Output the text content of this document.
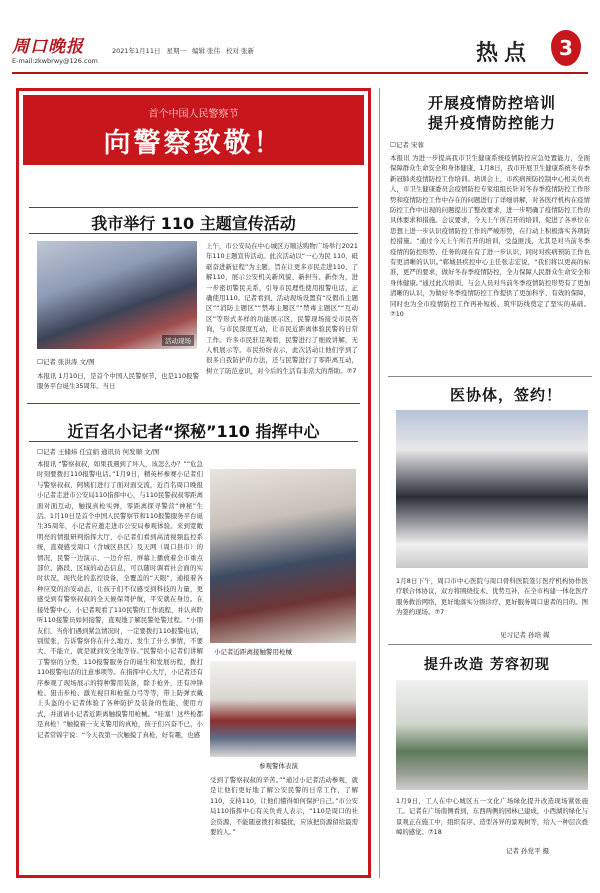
周口晚报	2021年1月11日 星期一 编辑 张伟 校对 张新
E-mail:zkwbrwy@126.com	热点	3
首个中国人民警察节
向警察致敬！
我市举行 110 主题宣传活动
活动现场
☐记者 张洪涛 文/图
本报讯 1月10日，是首个中国人民警察节，也是110报警服务平台诞生35周年。当日
上午，市公安局在中心城区万顺达购物广场举行2021年110主题宣传活动。此次活动以“一心为民 110、砥砺奋进新征程”为主题，旨在让更多市民走进110、了解110，展示公安机关新风貌、新担当、新作为，进一步密切警民关系，引导市民理性使用报警电话，正确使用110。记者看到，活动现场设置有“反假币主题区”“消防主题区”“禁毒主题区”“禁毒主题区”“互动区”等形式多样的功能展示区，民警现场接受市民咨询，与市民深度互动，让市民近距离体验民警的日常工作。许多市民驻足观看，民警进行了细致讲解，无人机展示等。市民纷纷表示，此次活动让他们学到了很多自我防护的方法，还与民警进行了零距离互动，树立了防范意识，对今后的生活有非常大的帮助。⑦7
近百名小记者“探秘”110 指挥中心
☐记者 王储炜 任宜娟 通讯员 何发顺 文/图
本报讯 “警察叔叔，如果我遇到了坏人，该怎么办？”“危急时刻要拨打110报警电话。”1月9日，精英杯参赛小记者们与警察叔叔、阿姨们进行了面对面交流，近百名周口晚报小记者走进市公安局110指挥中心，与110民警叔叔零距离面对面互动，触摸真枪实弹，零距离探寻警营“神秘”生活。1月10日是首个中国人民警察节和110报警服务平台诞生35周年，小记者应邀走进市公安局参观体验。来到宽敞明亮的情报研判指挥大厅，小记者们看到高清视频监控系统，直观感受周口（含城区县区）及天网（周口县市）的情况，民警一边演示、一边介绍，屏幕上播放着全市重点部位、路段、区域的动态信息，可以随时调看社会面的实时状况，现代化的监控设备，全覆盖的“天眼”，通报着各种应变的治安动态，让孩子们不仅感受到科技的力量，更感受到有警察叔叔的全天候保驾护航，平安就在身边。在接处警中心，小记者观看了110民警的工作流程，并认真聆听110接警员如何接警，直观地了解民警处警过程。“小朋友们，当你们遇到紧急情况时，一定要拨打110报警电话，别慌张，告诉警察你在什么地方、发生了什么事情，不要大、不能立，就是就到安全地等待。”民警给小记者们讲解了警察的分类，110报警服务台的诞生和发展历程，拨打110报警电话的注意事项等。在指挥中心大厅，小记者还有序参观了现场展示的特种警用装备，除手枪外，还有冲锋枪、狙击步枪、激光视目和枪强力弓等等，带上防弹衣戴上头盔的小记者体验了各种防护及装备的性能、使用方式，并道请小记者近距离触摸警用枪械。“哇塞！这些枪都是真枪！”触摸着一支支警用的真枪，孩子们兴奋不已，小记者常锦宇说：“今天我第一次触摸了真枪，好有趣，也感
小记者近距离接触警用枪械
参观警体表演
受到了警察叔叔的辛苦。”“通过小记者活动参观，就是让他们更好地了解公安民警的日常工作，了解110、支持110，让他们懂得如何保护自己。”市公安局110指挥中心有关负责人表示，“110是周口的社会资源，不能随意拨打和骚扰，应该把资源留给最需要的人。”
开展疫情防控培训
提升疫情防控能力
☐记者 宋蓉
本报讯 为进一步提高我市卫生健康系统疫情防控应急处置能力，全面保障群众生命安全和身体健康，1月8日，我市开展卫生健康系统冬春季新冠肺炎疫情防控工作培训。培训会上，市疾病预防控制中心相关负责人，市卫生健康委员会疫情防控专家组组长针对冬春季疫情防控工作形势和疫情防控工作中存在的问题进行了详细讲解，对各医疗机构在疫情防控工作中出现的问题提出了整改要求，进一步明确了疫情防控工作的具体要求和措施。会议要求，今天上午所召开的培训，促进了各单位在思想上进一步认识疫情防控工作的严峻形势，在行动上积极落实各项防控措施。“通过今天上午所召开的培训，受益匪浅，尤其是对当前冬季疫情的防控形势、任务的现在有了进一步认识，同时对疾病预防工作也有更清晰的认识。”郸城县疾控中心主任张志宏说，“我们将以更高的标准，更严的要求，做好冬春季疫情防控，全力保障人民群众生命安全和身体健康。”通过此次培训，与会人员对当前冬季疫情防控形势有了更加清晰的认识，为做好冬季疫情防控工作提供了更加科学、有效的保障，同时也为全市疫情防控工作再补短板、筑牢防线奠定了坚实的基础。⑦10
医协体，签约！
1月8日下午，周口市中心医院与周口骨科医院签订医疗机构协作医疗联合体协议，双方将围绕技术、优势互补，在全市构建一体化医疗服务救治网络，更好地落实分级诊疗、更好服务周口患者的目的。图为签约现场。⑦7
见习记者 孙培 媒
提升改造 芳容初现
1月9日，工人在中心城区五一文化广场绿化提升改造现场紧张施工。记者在广场南侧看到，东西两侧的园林已建成，小西湖的绿化与景观正在施工中，组织有序、造型各异的景观树等，给人一种层次叠嶂的感觉。⑦18
记者 孙党平 摄
